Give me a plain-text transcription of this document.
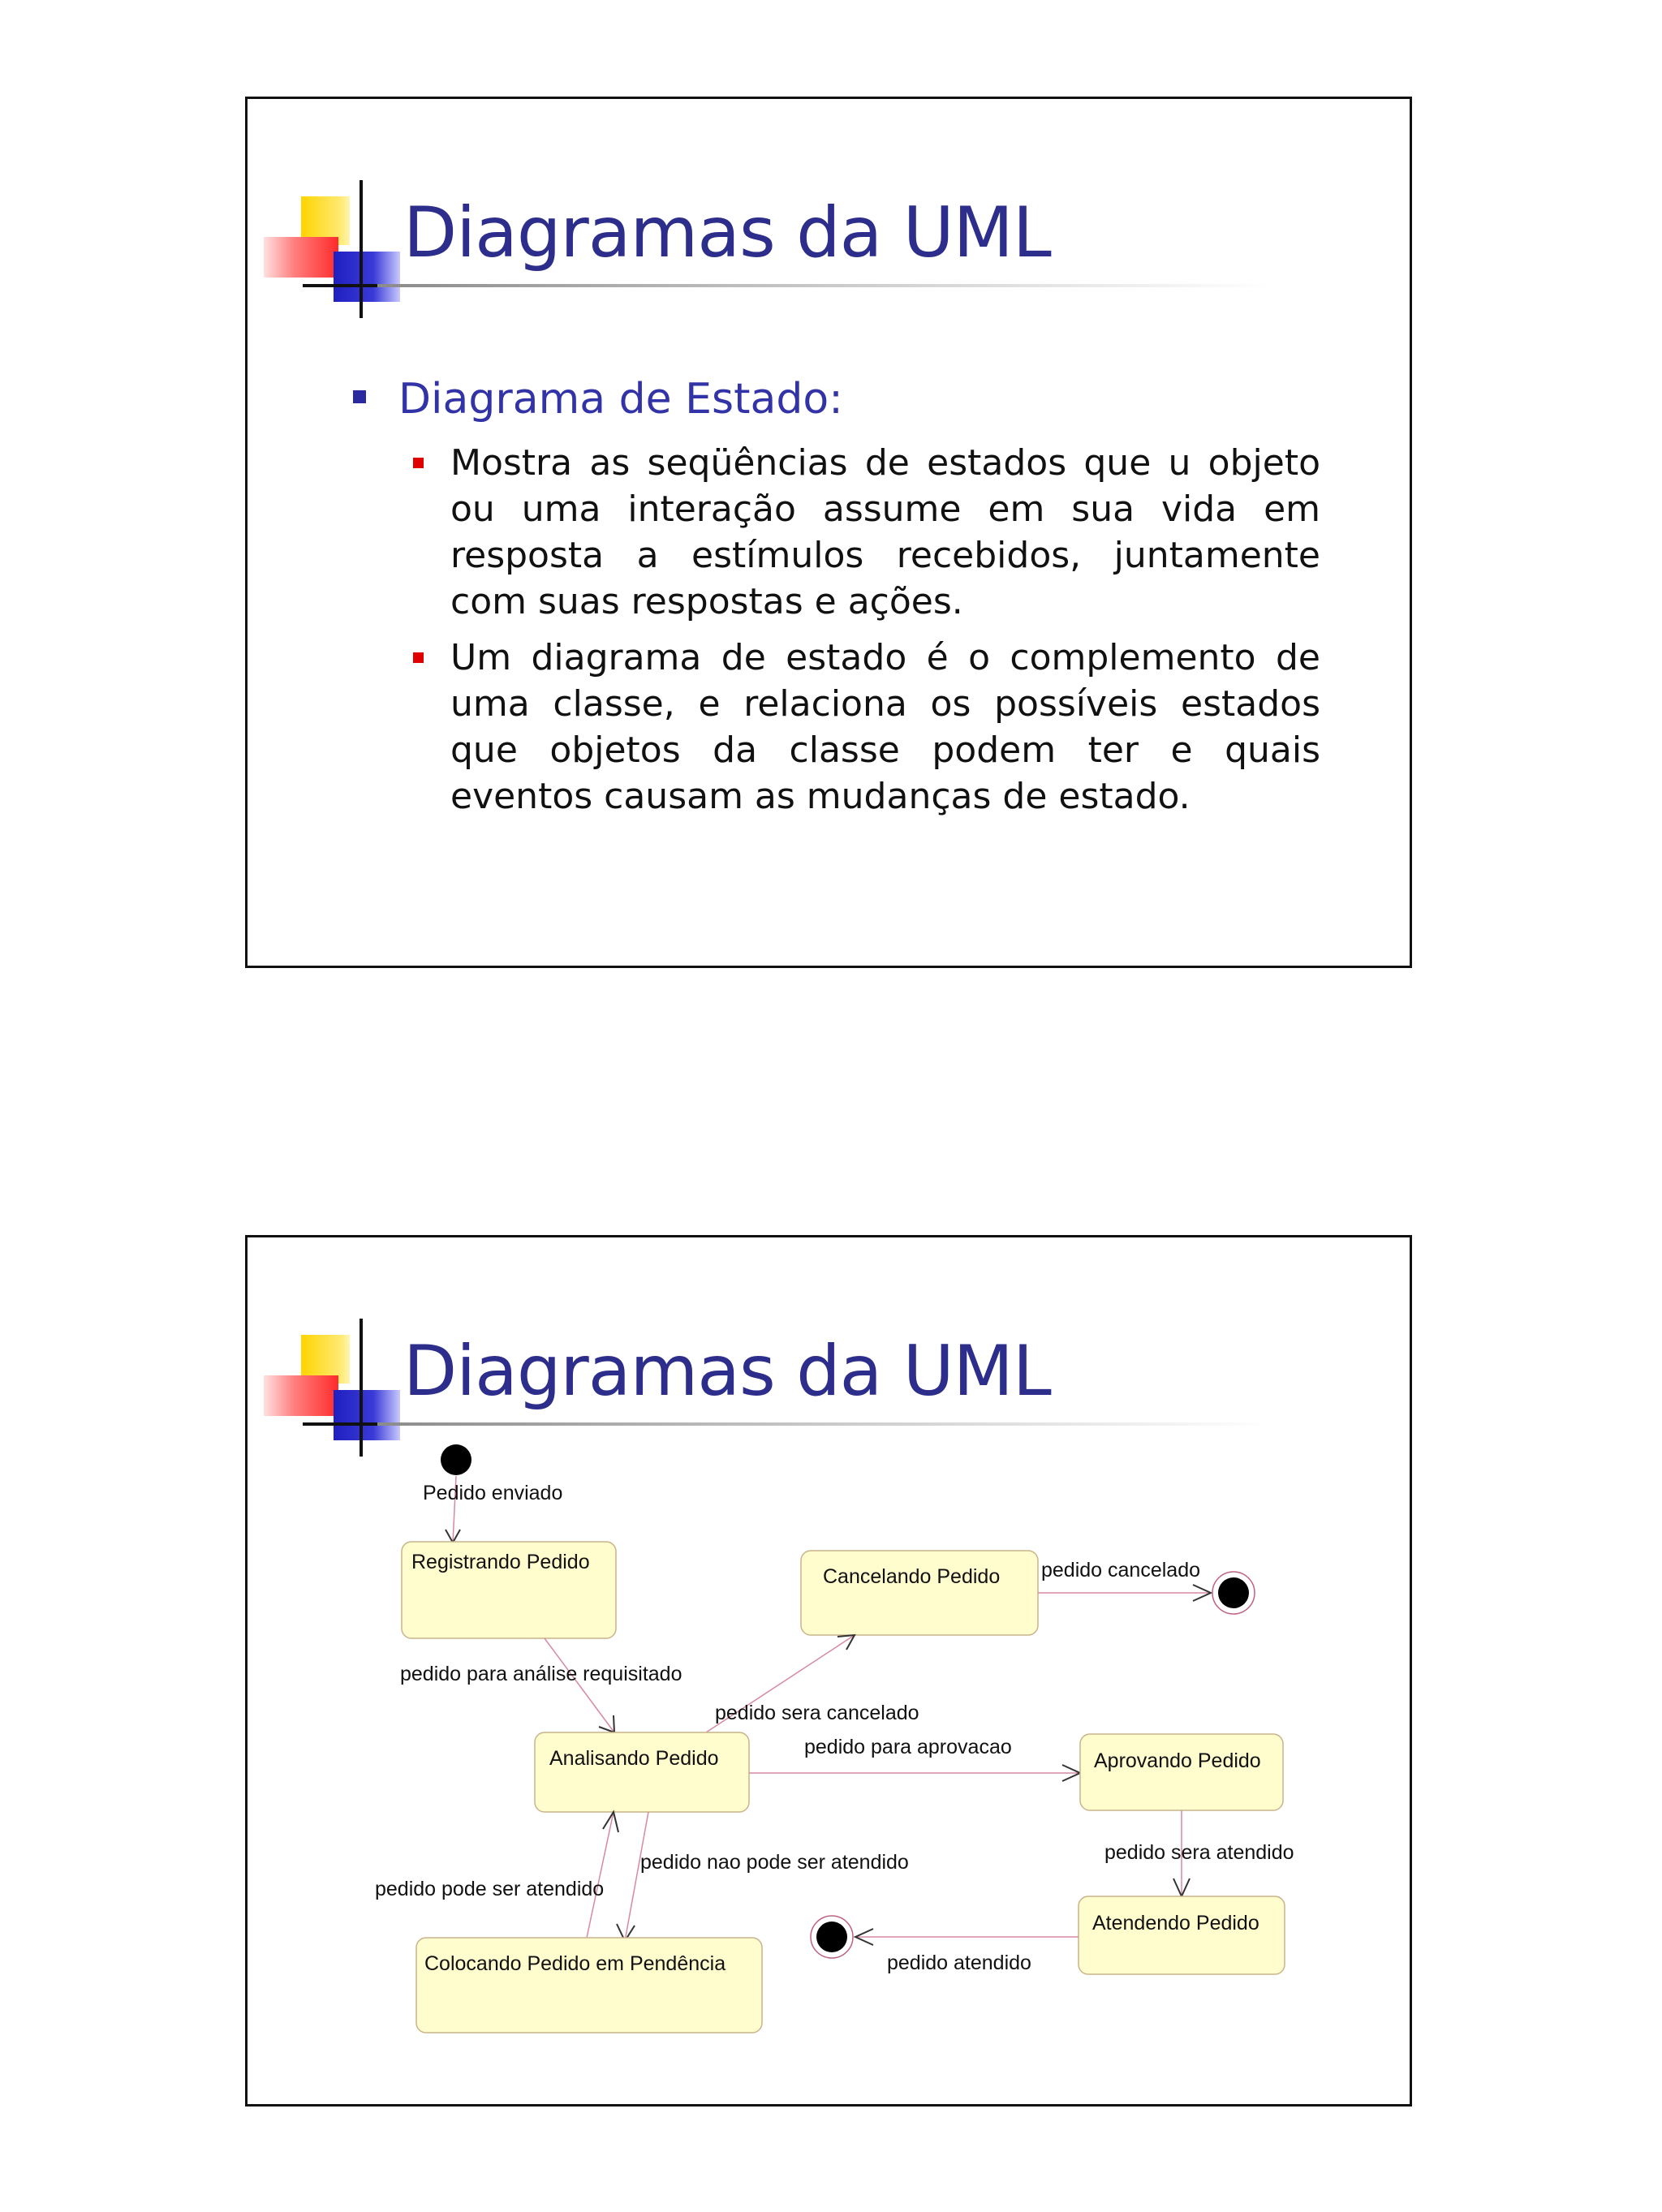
Diagramas da UML
Diagrama de Estado:
Mostra as seqüências de estados que u objeto ou uma interação assume em sua vida em resposta a estímulos recebidos, juntamente com suas respostas e ações.
Um diagrama de estado é o complemento de uma classe, e relaciona os possíveis estados que objetos da classe podem ter e quais eventos causam as mudanças de estado.
Diagramas da UML
Pedido enviado
Registrando Pedido
pedido para análise requisitado
Cancelando Pedido pedido cancelado
pedido sera cancelado
Analisando Pedido	pedido para aprovacao
Aprovando Pedido
pedido sera atendido
Atendendo Pedido
pedido atendido
pedido pode ser atendido
pedido nao pode ser atendido
Colocando Pedido em Pendência
